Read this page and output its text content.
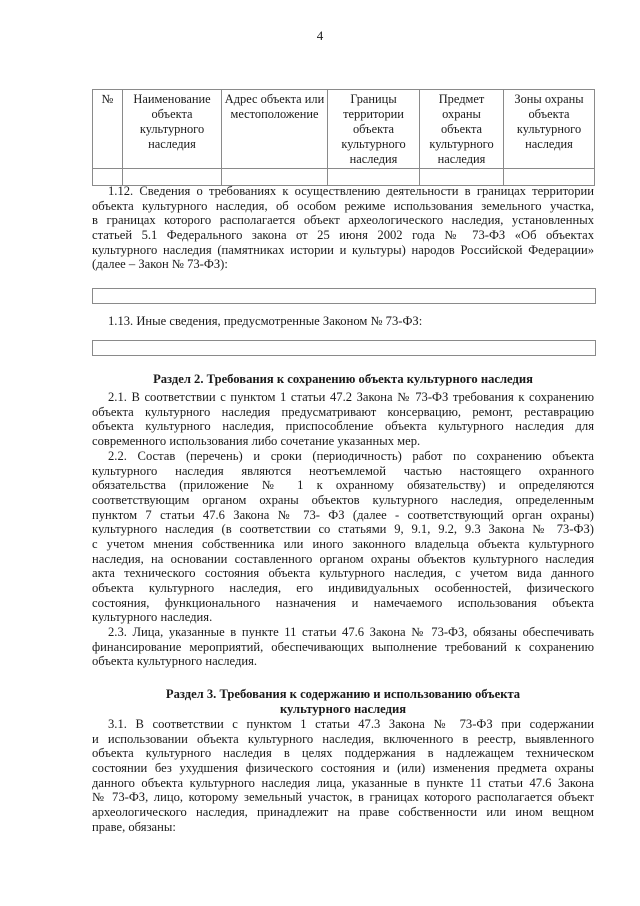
4
№	Наименование объекта культурного наследия	Адрес объекта или местоположение	Границы территории объекта культурного наследия	Предмет охраны объекта культурного наследия	Зоны охраны объекта культурного наследия

1.12. Сведения о требованиях к осуществлению деятельности в границах территории
объекта культурного наследия, об особом режиме использования земельного участка,
в границах которого располагается объект археологического наследия, установленных
статьей 5.1 Федерального закона от 25 июня 2002 года № 73-ФЗ «Об объектах
культурного наследия (памятниках истории и культуры) народов Российской Федерации»
(далее – Закон № 73-ФЗ):
1.13. Иные сведения, предусмотренные Законом № 73-ФЗ:
2.1. В соответствии с пунктом 1 статьи 47.2 Закона № 73-ФЗ требования к сохранению
объекта культурного наследия предусматривают консервацию, ремонт, реставрацию
объекта культурного наследия, приспособление объекта культурного наследия для
современного использования либо сочетание указанных мер.
2.2. Состав (перечень) и сроки (периодичность) работ по сохранению объекта
культурного наследия являются неотъемлемой частью настоящего охранного
обязательства (приложение № 1 к охранному обязательству) и определяются
соответствующим органом охраны объектов культурного наследия, определенным
пунктом 7 статьи 47.6 Закона № 73- ФЗ (далее - соответствующий орган охраны)
культурного наследия (в соответствии со статьями 9, 9.1, 9.2, 9.3 Закона № 73-ФЗ)
с учетом мнения собственника или иного законного владельца объекта культурного
наследия, на основании составленного органом охраны объектов культурного наследия
акта технического состояния объекта культурного наследия, с учетом вида данного
объекта культурного наследия, его индивидуальных особенностей, физического
состояния, функционального назначения и намечаемого использования объекта
культурного наследия.
2.3. Лица, указанные в пункте 11 статьи 47.6 Закона № 73-ФЗ, обязаны обеспечивать
финансирование мероприятий, обеспечивающих выполнение требований к сохранению
объекта культурного наследия.
3.1. В соответствии с пунктом 1 статьи 47.3 Закона № 73-ФЗ при содержании
и использовании объекта культурного наследия, включенного в реестр, выявленного
объекта культурного наследия в целях поддержания в надлежащем техническом
состоянии без ухудшения физического состояния и (или) изменения предмета охраны
данного объекта культурного наследия лица, указанные в пункте 11 статьи 47.6 Закона
№ 73-ФЗ, лицо, которому земельный участок, в границах которого располагается объект
археологического наследия, принадлежит на праве собственности или ином вещном
праве, обязаны:
Раздел 2. Требования к сохранению объекта культурного наследия
Раздел 3. Требования к содержанию и использованию объекта
культурного наследия
